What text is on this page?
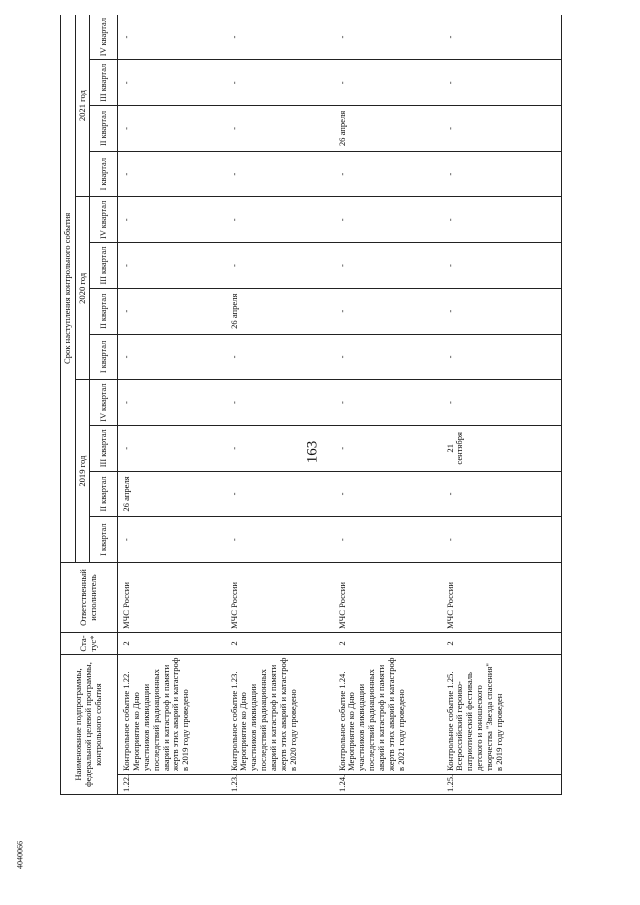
163
4040066
Наименование подпрограммы, федеральной целевой программы, контрольного события		Ста-тус*	Ответственный исполнитель	Срок наступления контрольного события											
				2019 год				2020 год				2021 год			
				I квартал	II квартал	III квартал	IV квартал	I квартал	II квартал	III квартал	IV квартал	I квартал	II квартал	III квартал	IV квартал
1.22.	Контрольное событие 1.22. Мероприятие ко Дню участников ликвидации последствий радиационных аварий и катастроф и памяти жертв этих аварий и катастроф в 2019 году проведено	2	МЧС России	-	26 апреля	-	-	-	-	-	-	-	-	-	-
1.23.	Контрольное событие 1.23. Мероприятие ко Дню участников ликвидации последствий радиационных аварий и катастроф и памяти жертв этих аварий и катастроф в 2020 году проведено	2	МЧС России	-	-	-	-	-	26 апреля	-	-	-	-	-	-
1.24.	Контрольное событие 1.24. Мероприятие ко Дню участников ликвидации последствий радиационных аварий и катастроф и памяти жертв этих аварий и катастроф в 2021 году проведено	2	МЧС России	-	-	-	-	-	-	-	-	-	26 апреля	-	-
1.25.	Контрольное событие 1.25. Всероссийский героико-патриотический фестиваль детского и юношеского творчества "Звезда спасения" в 2019 году проведен	2	МЧС России	-	-	21 сентября	-	-	-	-	-	-	-	-	-
